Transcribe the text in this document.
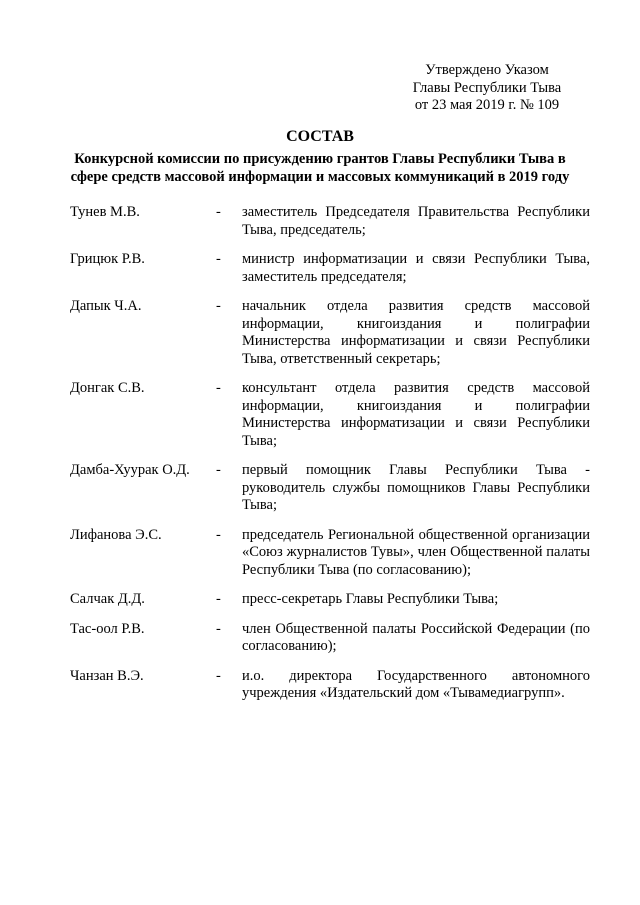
Утверждено Указом
Главы Республики Тыва
от 23 мая 2019 г. № 109
СОСТАВ
Конкурсной комиссии по присуждению грантов Главы Республики Тыва в
сфере средств массовой информации и массовых коммуникаций в 2019 году
Тунев М.В.	-	заместитель Председателя Правительства Республики Тыва, председатель;
Грицюк Р.В.	-	министр информатизации и связи Республики Тыва, заместитель председателя;
Дапык Ч.А.	-	начальник отдела развития средств массовой информации, книгоиздания и полиграфии Министерства информатизации и связи Республики Тыва, ответственный секретарь;
Донгак С.В.	-	консультант отдела развития средств массовой информации, книгоиздания и полиграфии Министерства информатизации и связи Республики Тыва;
Дамба-Хуурак О.Д.	-	первый помощник Главы Республики Тыва - руководитель службы помощников Главы Республики Тыва;
Лифанова Э.С.	-	председатель Региональной общественной организации «Союз журналистов Тувы», член Общественной палаты Республики Тыва (по согласованию);
Салчак Д.Д.	-	пресс-секретарь Главы Республики Тыва;
Тас-оол Р.В.	-	член Общественной палаты Российской Федерации (по согласованию);
Чанзан В.Э.	-	и.о. директора Государственного автономного учреждения «Издательский дом «Тывамедиагрупп».
